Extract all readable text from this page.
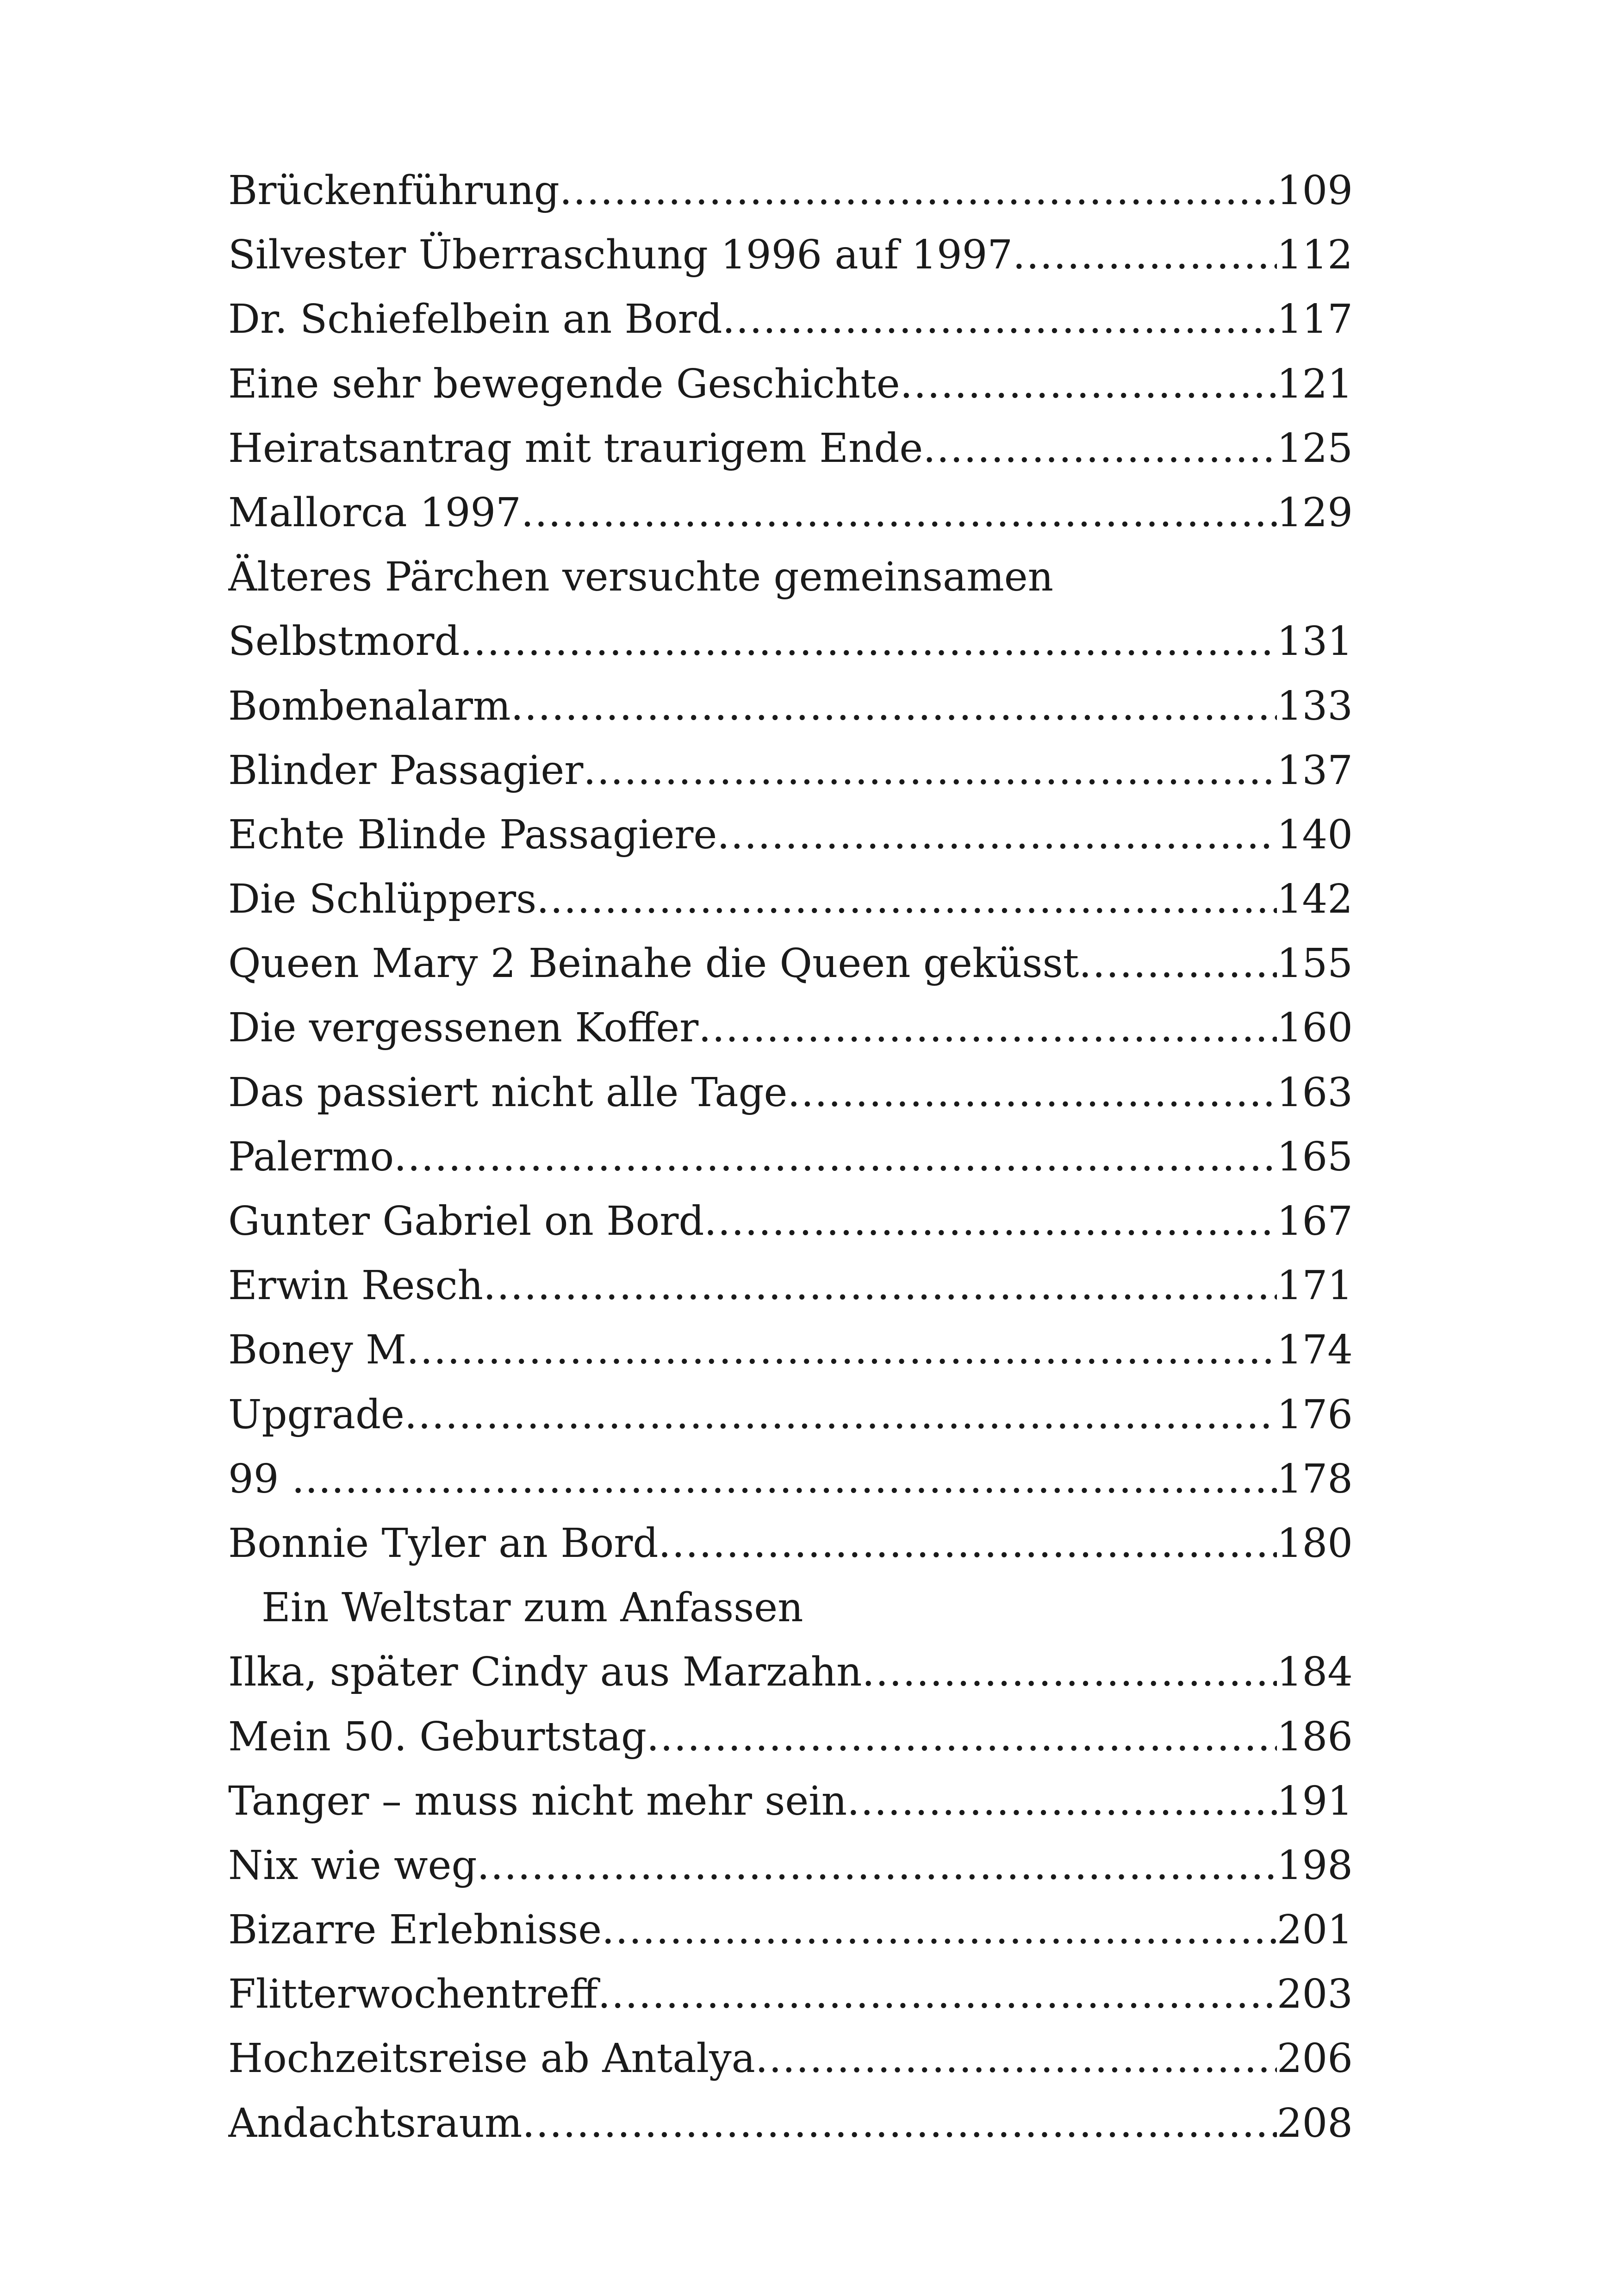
Brückenführung .....	109
Silvester Überraschung 1996 auf 1997 .....	112
Dr. Schiefelbein an Bord .....	117
Eine sehr bewegende Geschichte .....	121
Heiratsantrag mit traurigem Ende .....	125
Mallorca 1997 .....	129
Älteres Pärchen versuchte gemeinsamen
Selbstmord .....	131
Bombenalarm .....	133
Blinder Passagier .....	137
Echte Blinde Passagiere .....	140
Die Schlüppers .....	142
Queen Mary 2 Beinahe die Queen geküsst .....	155
Die vergessenen Koffer .....	160
Das passiert nicht alle Tage .....	163
Palermo .....	165
Gunter Gabriel on Bord .....	167
Erwin Resch .....	171
Boney M .....	174
Upgrade .....	176
99 … .....	178
Bonnie Tyler an Bord .....	180
Ein Weltstar zum Anfassen
Ilka, später Cindy aus Marzahn .....	184
Mein 50. Geburtstag .....	186
Tanger – muss nicht mehr sein .....	191
Nix wie weg .....	198
Bizarre Erlebnisse .....	201
Flitterwochentreff .....	203
Hochzeitsreise ab Antalya .....	206
Andachtsraum .....	208
